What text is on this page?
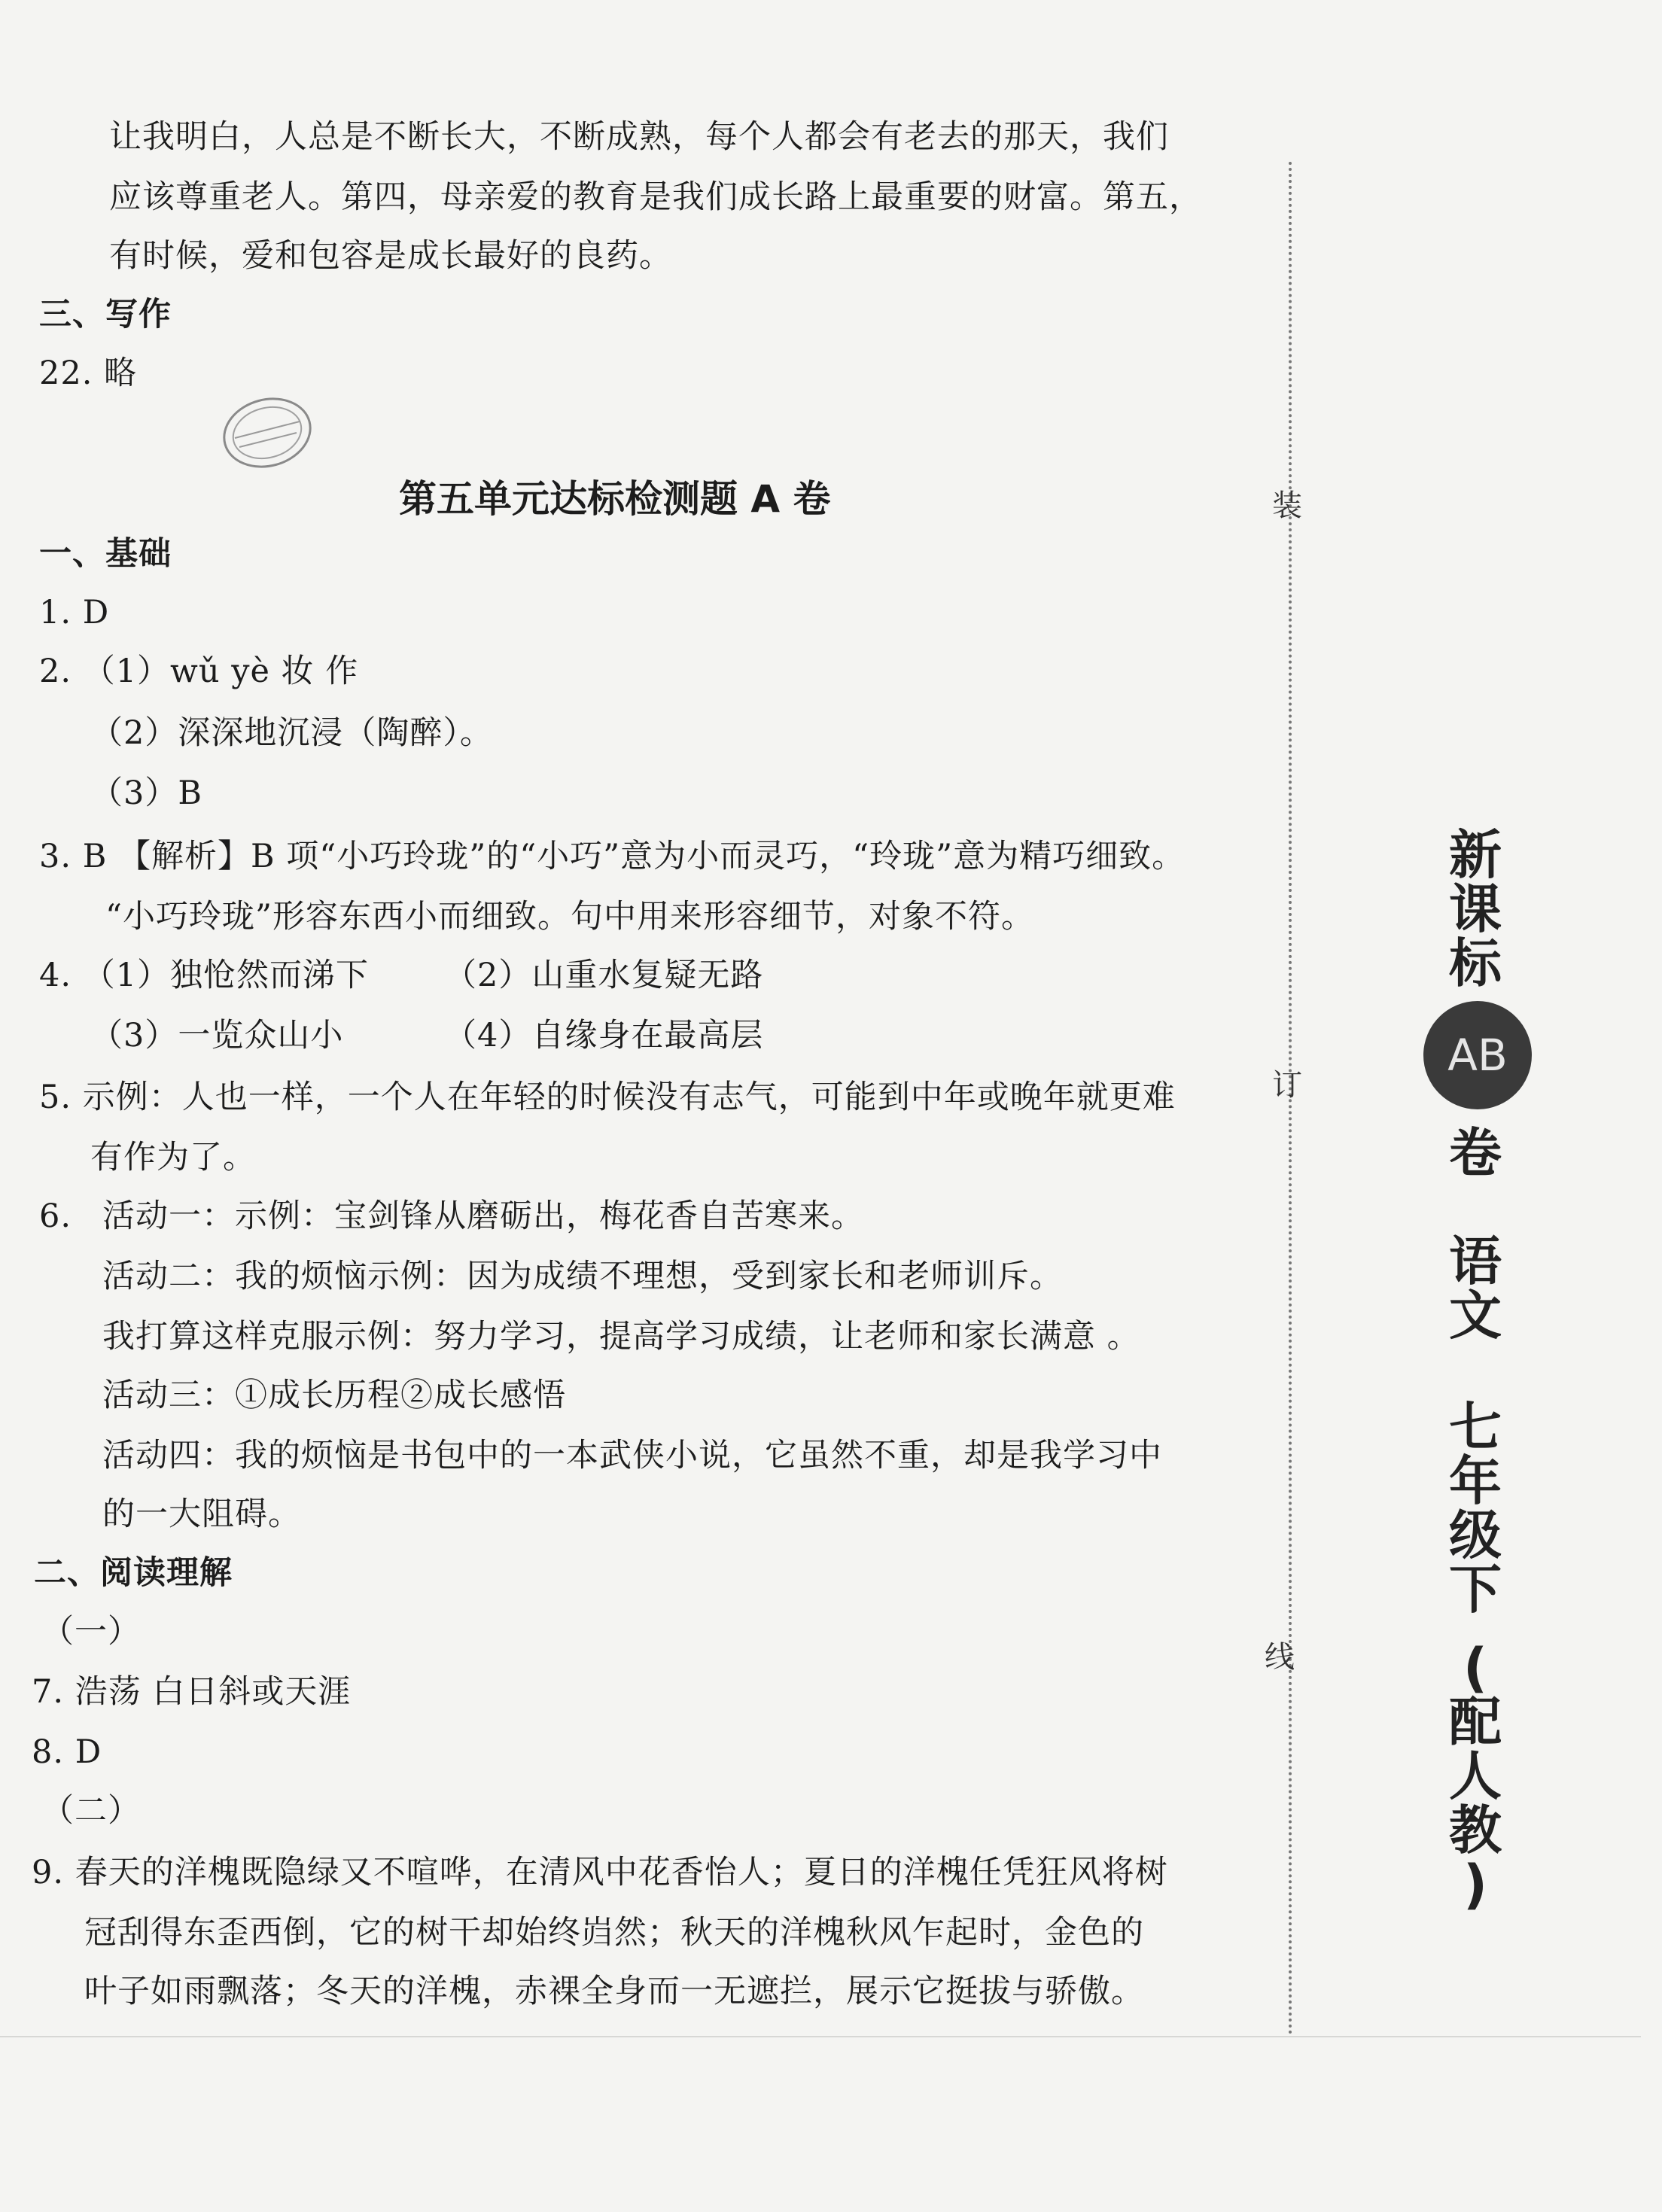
让我明白，人总是不断长大，不断成熟，每个人都会有老去的那天，我们
应该尊重老人。第四，母亲爱的教育是我们成长路上最重要的财富。第五，
有时候，爱和包容是成长最好的良药。
三、写作
22. 略
第五单元达标检测题 A 卷
一、基础
1. D
2. （1）wǔ yè 妆 作
（2）深深地沉浸（陶醉）。
（3）B
3. B 【解析】B 项“小巧玲珑”的“小巧”意为小而灵巧，“玲珑”意为精巧细致。
“小巧玲珑”形容东西小而细致。句中用来形容细节，对象不符。
4. （1）独怆然而涕下 （2）山重水复疑无路
（3）一览众山小	（4）自缘身在最高层
5. 示例：人也一样，一个人在年轻的时候没有志气，可能到中年或晚年就更难
有作为了。
6. 活动一：示例：宝剑锋从磨砺出，梅花香自苦寒来。
活动二：我的烦恼示例：因为成绩不理想，受到家长和老师训斥。
我打算这样克服示例：努力学习，提高学习成绩，让老师和家长满意 。
活动三：①成长历程②成长感悟
活动四：我的烦恼是书包中的一本武侠小说，它虽然不重，却是我学习中
的一大阻碍。
二、阅读理解
（一）
7. 浩荡 白日斜或天涯
8. D
（二）
9. 春天的洋槐既隐绿又不喧哗，在清风中花香怡人；夏日的洋槐任凭狂风将树
冠刮得东歪西倒，它的树干却始终岿然；秋天的洋槐秋风乍起时，金色的
叶子如雨飘落；冬天的洋槐，赤裸全身而一无遮拦，展示它挺拔与骄傲。
装
订
线
新
课
标
AB
卷
语
文
七
年
级
下
(
配
人
教
)
